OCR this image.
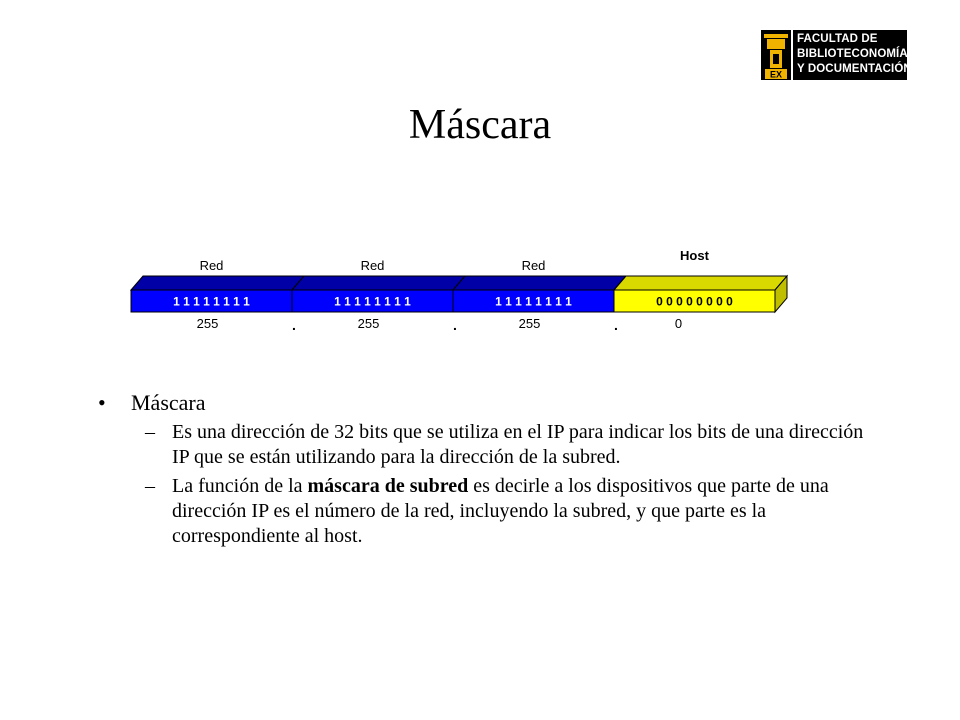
EX
FACULTAD DE
BIBLIOTECONOMÍA
Y DOCUMENTACIÓN
Máscara
1 1 1 1 1 1 1 1
Red
255	.
1 1 1 1 1 1 1 1
Red
255	.
1 1 1 1 1 1 1 1
Red
255	.
0 0 0 0 0 0 0 0
Host
0
• Máscara
– Es una dirección de 32 bits que se utiliza en el IP para indicar los bits de una dirección IP que se están utilizando para la dirección de la subred.
– La función de la máscara de subred es decirle a los dispositivos que parte de una dirección IP es el número de la red, incluyendo la subred, y que parte es la correspondiente al host.
